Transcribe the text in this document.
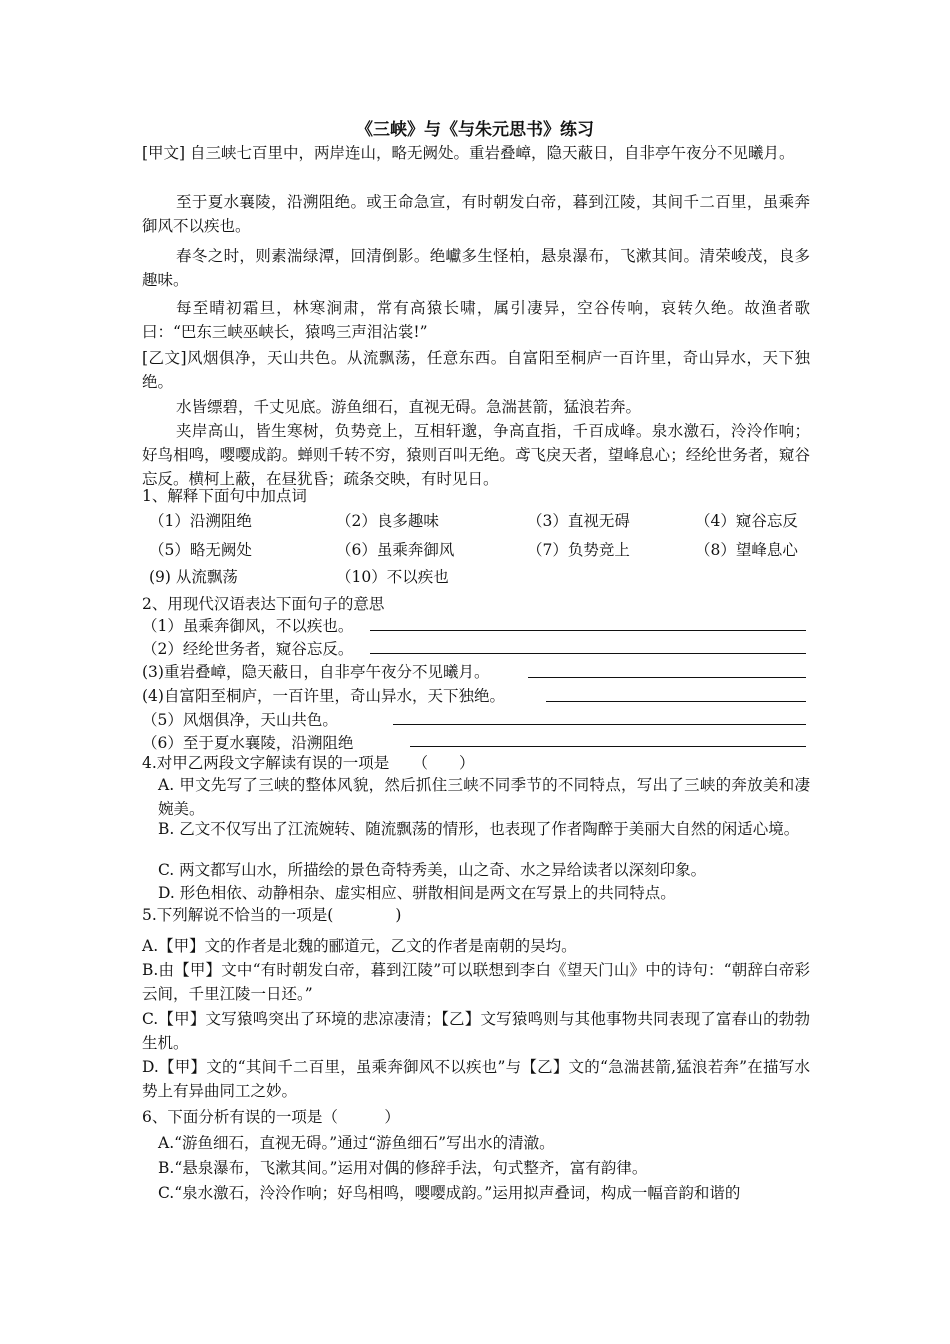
《三峡》与《与朱元思书》练习
[甲文] 自三峡七百里中，两岸连山，略无阙处。重岩叠嶂，隐天蔽日，自非亭午夜分不见曦月。
至于夏水襄陵，沿溯阻绝。或王命急宣，有时朝发白帝，暮到江陵，其间千二百里，虽乘奔御风不以疾也。
春冬之时，则素湍绿潭，回清倒影。绝巘多生怪柏，悬泉瀑布，飞漱其间。清荣峻茂，良多趣味。
每至晴初霜旦，林寒涧肃，常有高猿长啸，属引凄异，空谷传响，哀转久绝。故渔者歌曰：“巴东三峡巫峡长，猿鸣三声泪沾裳!”
[乙文]风烟俱净，天山共色。从流飘荡，任意东西。自富阳至桐庐一百许里，奇山异水，天下独绝。
水皆缥碧，千丈见底。游鱼细石，直视无碍。急湍甚箭，猛浪若奔。
夹岸高山，皆生寒树，负势竞上，互相轩邈，争高直指，千百成峰。泉水激石，泠泠作响；好鸟相鸣，嘤嘤成韵。蝉则千转不穷，猿则百叫无绝。鸢飞戾天者，望峰息心；经纶世务者，窥谷忘反。横柯上蔽，在昼犹昏；疏条交映，有时见日。
1、解释下面句中加点词
（1）沿溯阻绝	（2）良多趣味	（3）直视无碍	（4）窥谷忘反
（5）略无阙处	（6）虽乘奔御风	（7）负势竞上	（8）望峰息心
(9) 从流飘荡	（10）不以疾也
2、用现代汉语表达下面句子的意思
（1）虽乘奔御风，不以疾也。
（2）经纶世务者，窥谷忘反。
(3)重岩叠嶂，隐天蔽日，自非亭午夜分不见曦月。
(4)自富阳至桐庐，一百许里，奇山异水，天下独绝。
（5）风烟俱净，天山共色。
（6）至于夏水襄陵，沿溯阻绝
4.对甲乙两段文字解读有误的一项是　　（　　）
A. 甲文先写了三峡的整体风貌，然后抓住三峡不同季节的不同特点，写出了三峡的奔放美和凄婉美。
B. 乙文不仅写出了江流婉转、随流飘荡的情形，也表现了作者陶醉于美丽大自然的闲适心境。
C. 两文都写山水，所描绘的景色奇特秀美，山之奇、水之异给读者以深刻印象。
D. 形色相依、动静相杂、虚实相应、骈散相间是两文在写景上的共同特点。
5.下列解说不恰当的一项是(　　　　)
A.【甲】文的作者是北魏的郦道元，乙文的作者是南朝的吴均。
B.由【甲】文中“有时朝发白帝，暮到江陵”可以联想到李白《望天门山》中的诗句：“朝辞白帝彩云间，千里江陵一日还。”
C.【甲】文写猿鸣突出了环境的悲凉凄清；【乙】文写猿鸣则与其他事物共同表现了富春山的勃勃生机。
D.【甲】文的“其间千二百里，虽乘奔御风不以疾也”与【乙】文的“急湍甚箭,猛浪若奔”在描写水势上有异曲同工之妙。
6、下面分析有误的一项是（　　　）
A.“游鱼细石，直视无碍。”通过“游鱼细石”写出水的清澈。
B.“悬泉瀑布，飞漱其间。”运用对偶的修辞手法，句式整齐，富有韵律。
C.“泉水激石，泠泠作响；好鸟相鸣，嘤嘤成韵。”运用拟声叠词，构成一幅音韵和谐的
